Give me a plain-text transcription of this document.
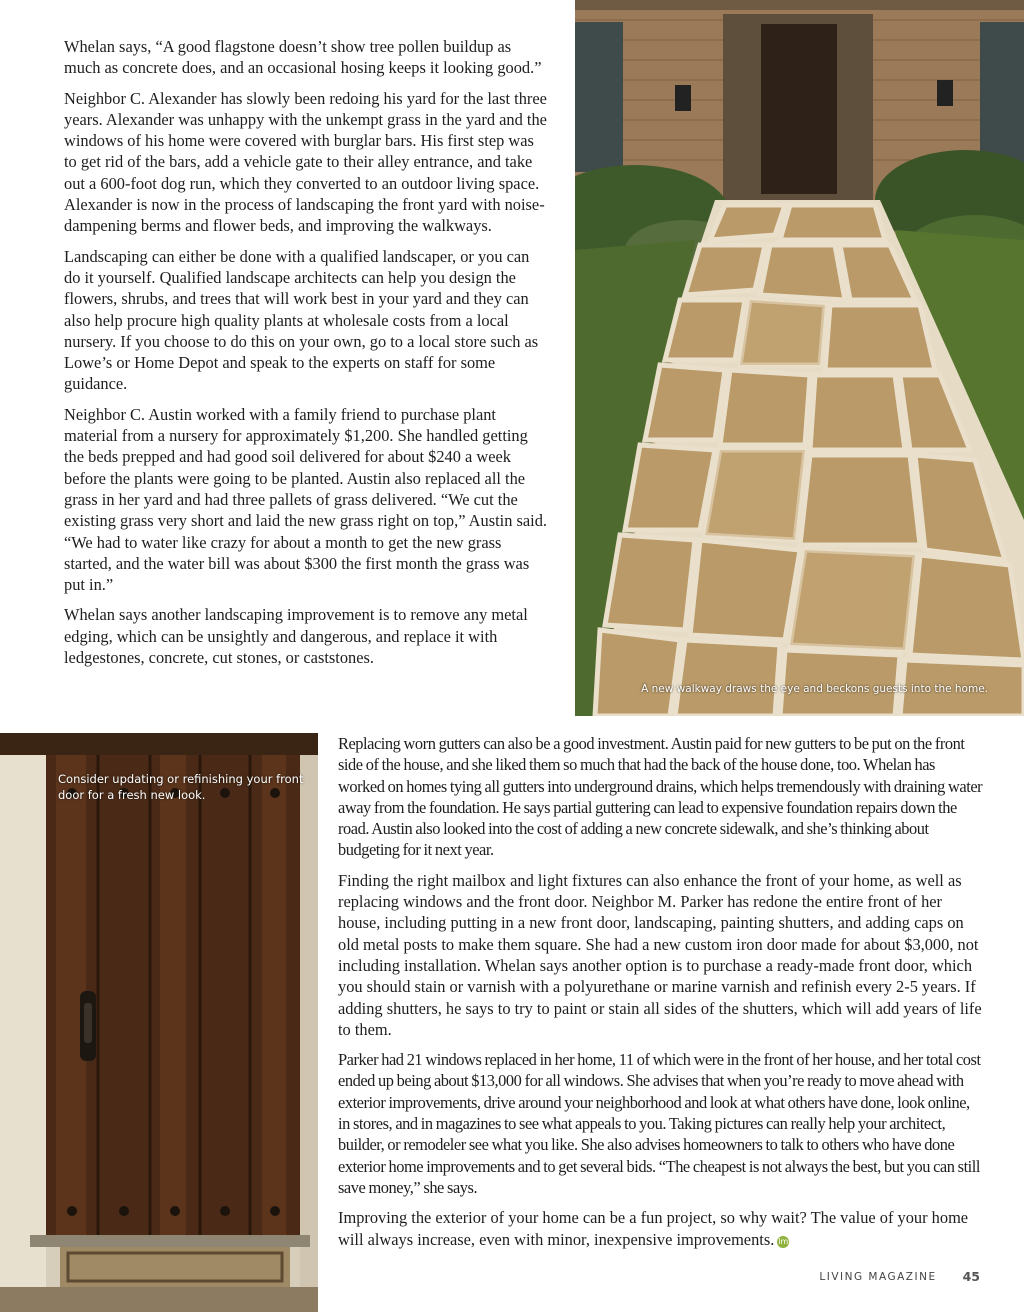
Whelan says, “A good flagstone doesn’t show tree pollen buildup as much as concrete does, and an occasional hosing keeps it looking good.”

Neighbor C. Alexander has slowly been redoing his yard for the last three years. Alexander was unhappy with the unkempt grass in the yard and the windows of his home were covered with burglar bars. His first step was to get rid of the bars, add a vehicle gate to their alley entrance, and take out a 600-foot dog run, which they converted to an outdoor living space. Alexander is now in the process of landscaping the front yard with noise-dampening berms and flower beds, and improving the walkways.

Landscaping can either be done with a qualified landscaper, or you can do it yourself. Qualified landscape architects can help you design the flowers, shrubs, and trees that will work best in your yard and they can also help procure high quality plants at wholesale costs from a local nursery. If you choose to do this on your own, go to a local store such as Lowe’s or Home Depot and speak to the experts on staff for some guidance.

Neighbor C. Austin worked with a family friend to purchase plant material from a nursery for approximately $1,200. She handled getting the beds prepped and had good soil delivered for about $240 a week before the plants were going to be planted. Austin also replaced all the grass in her yard and had three pallets of grass delivered. “We cut the existing grass very short and laid the new grass right on top,” Austin said. “We had to water like crazy for about a month to get the new grass started, and the water bill was about $300 the first month the grass was put in.”

Whelan says another landscaping improvement is to remove any metal edging, which can be unsightly and dangerous, and replace it with ledgestones, concrete, cut stones, or caststones.

A new walkway draws the eye and beckons guests into the home.
Consider updating or refinishing your front door for a fresh new look.

Replacing worn gutters can also be a good investment. Austin paid for new gutters to be put on the front side of the house, and she liked them so much that had the back of the house done, too. Whelan has worked on homes tying all gutters into underground drains, which helps tremendously with draining water away from the foundation. He says partial guttering can lead to expensive foundation repairs down the road. Austin also looked into the cost of adding a new concrete sidewalk, and she’s thinking about budgeting for it next year.

Finding the right mailbox and light fixtures can also enhance the front of your home, as well as replacing windows and the front door. Neighbor M. Parker has redone the entire front of her house, including putting in a new front door, landscaping, painting shutters, and adding caps on old metal posts to make them square. She had a new custom iron door made for about $3,000, not including installation. Whelan says another option is to purchase a ready-made front door, which you should stain or varnish with a polyurethane or marine varnish and refinish every 2-5 years. If adding shutters, he says to try to paint or stain all sides of the shutters, which will add years of life to them.

Parker had 21 windows replaced in her home, 11 of which were in the front of her house, and her total cost ended up being about $13,000 for all windows. She advises that when you’re ready to move ahead with exterior improvements, drive around your neighborhood and look at what others have done, look online, in stores, and in magazines to see what appeals to you. Taking pictures can really help your architect, builder, or remodeler see what you like. She also advises homeowners to talk to others who have done exterior home improvements and to get several bids. “The cheapest is not always the best, but you can still save money,” she says.

Improving the exterior of your home can be a fun project, so why wait? The value of your home will always increase, even with minor, inexpensive improvements. lm

LIVING MAGAZINE 45
